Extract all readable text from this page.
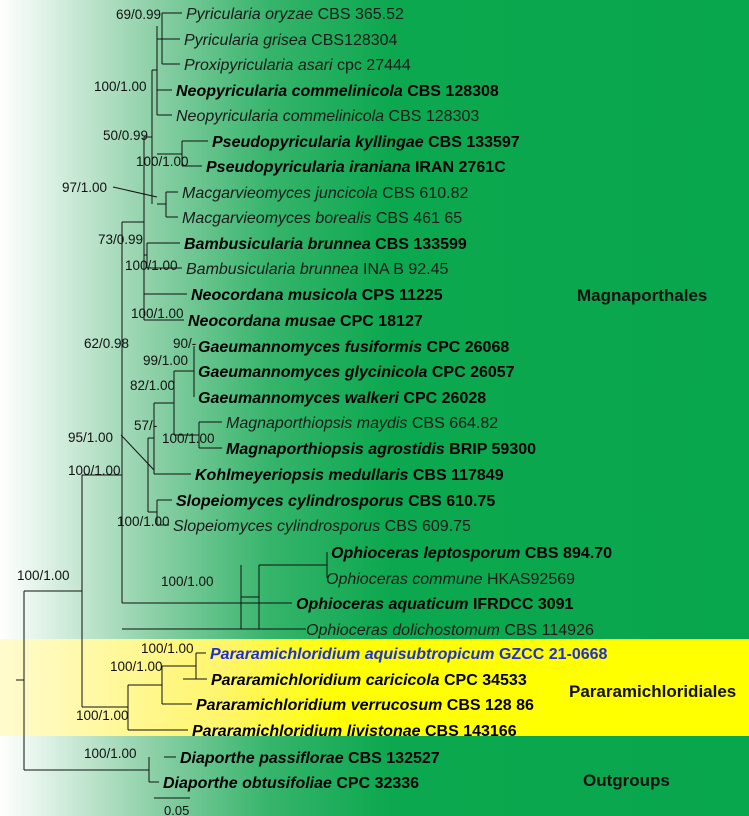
69/0.99
100/1.00
50/0.99
100/1.00
97/1.00
73/0.99
100/1.00
100/1.00
62/0.98	90/-
99/1.00
82/1.00
57/-
100/1.00
95/1.00
100/1.00
100/1.00
100/1.00
100/1.00
100/1.00
100/1.00
100/1.00
100/1.00
Pyricularia oryzae CBS 365.52
Pyricularia grisea CBS128304
Proxipyricularia asari cpc 27444
Neopyricularia commelinicola CBS 128308
Neopyricularia commelinicola CBS 128303
Pseudopyricularia kyllingae CBS 133597
Pseudopyricularia iraniana IRAN 2761C
Macgarvieomyces juncicola CBS 610.82
Macgarvieomyces borealis CBS 461 65
Bambusicularia brunnea CBS 133599
Bambusicularia brunnea INA B 92.45
Neocordana musicola CPS 11225
Neocordana musae CPC 18127
Gaeumannomyces fusiformis CPC 26068
Gaeumannomyces glycinicola CPC 26057
Gaeumannomyces walkeri CPC 26028
Magnaporthiopsis maydis CBS 664.82
Magnaporthiopsis agrostidis BRIP 59300
Kohlmeyeriopsis medullaris CBS 117849
Slopeiomyces cylindrosporus CBS 610.75
Slopeiomyces cylindrosporus CBS 609.75
Ophioceras leptosporum CBS 894.70
Ophioceras commune HKAS92569
Ophioceras aquaticum IFRDCC 3091
Ophioceras dolichostomum CBS 114926
Pararamichloridium aquisubtropicum GZCC 21-0668
Pararamichloridium caricicola CPC 34533
Pararamichloridium verrucosum CBS 128 86
Pararamichloridium livistonae CBS 143166
Diaporthe passiflorae CBS 132527
Diaporthe obtusifoliae CPC 32336
Magnaporthales
Pararamichloridiales
Outgroups
0.05
